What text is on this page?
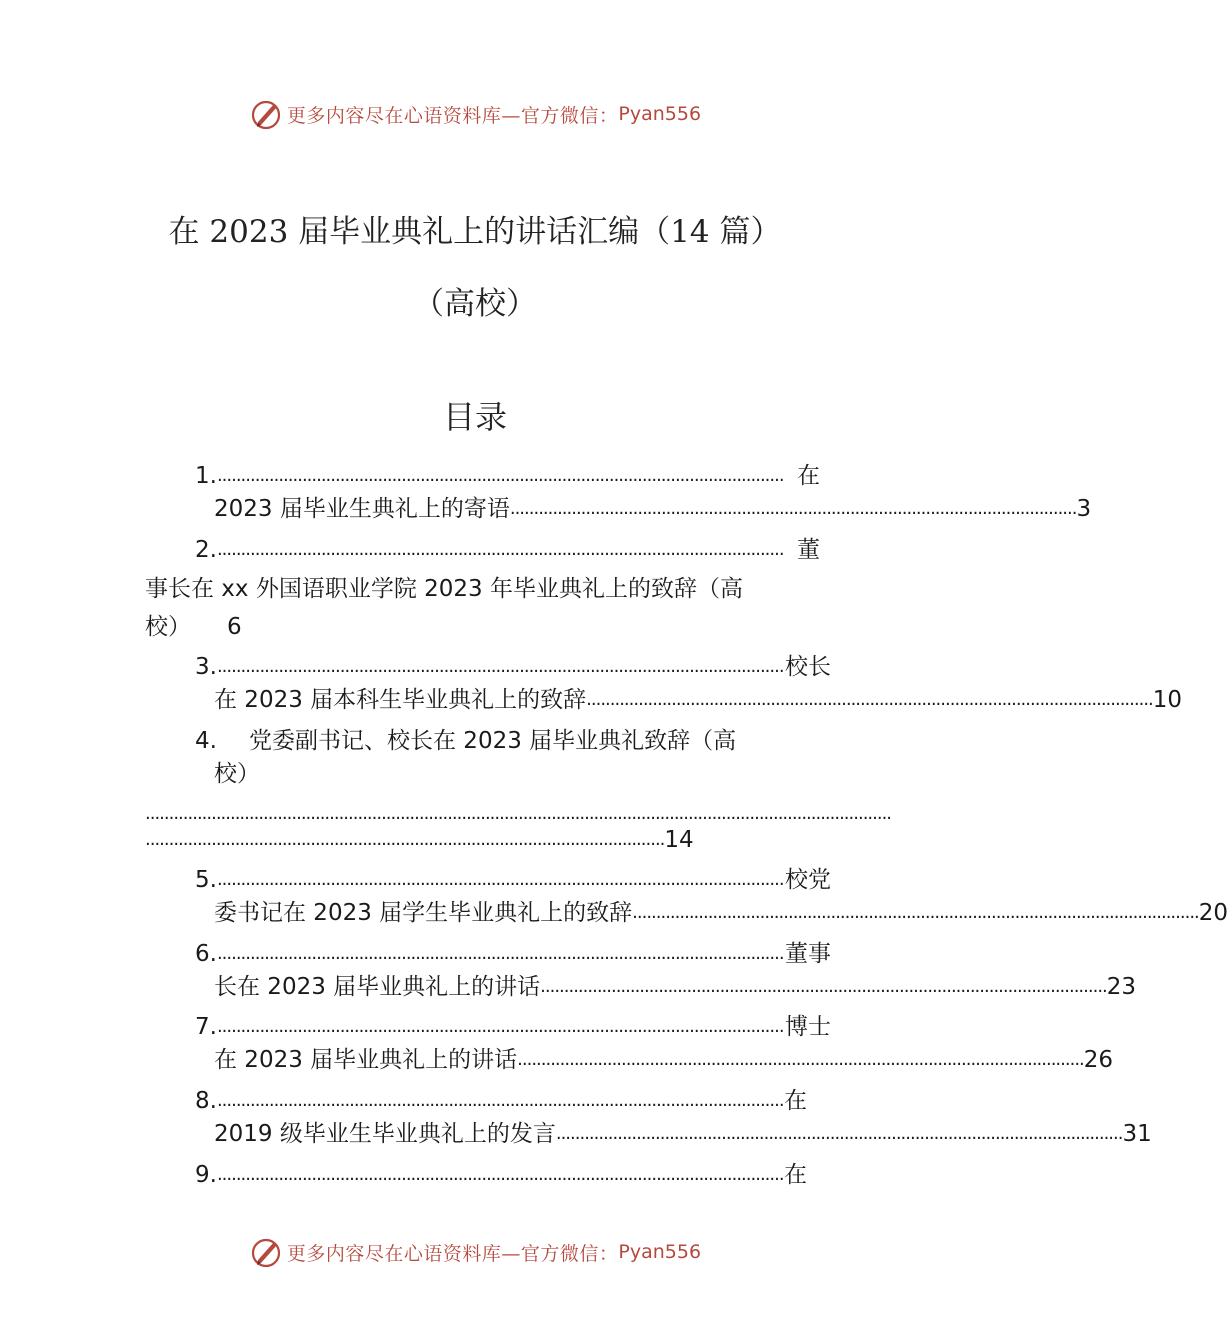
更多内容尽在心语资料库—官方微信： Pyan556
在 2023 届毕业典礼上的讲话汇编（14 篇）
（高校）
目录
1. ........................................................................................................................ 在
2023 届毕业生典礼上的寄语 ........................................................................................................................ 3
2. ........................................................................................................................ 董
事长在 xx 外国语职业学院 2023 年毕业典礼上的致辞（高
校） 6
3. ........................................................................................................................ 校长
在 2023 届本科生毕业典礼上的致辞 ........................................................................................................................ 10
4.	党委副书记、校长在 2023 届毕业典礼致辞（高
校）
..............................................................................................................................................................
.............................................................................................................. 14
5. ........................................................................................................................ 校党
委书记在 2023 届学生毕业典礼上的致辞 ........................................................................................................................ 20
6. ........................................................................................................................ 董事
长在 2023 届毕业典礼上的讲话 ........................................................................................................................ 23
7. ........................................................................................................................ 博士
在 2023 届毕业典礼上的讲话 ........................................................................................................................ 26
8. ........................................................................................................................ 在
2019 级毕业生毕业典礼上的发言 ........................................................................................................................ 31
9. ........................................................................................................................ 在
更多内容尽在心语资料库—官方微信： Pyan556
